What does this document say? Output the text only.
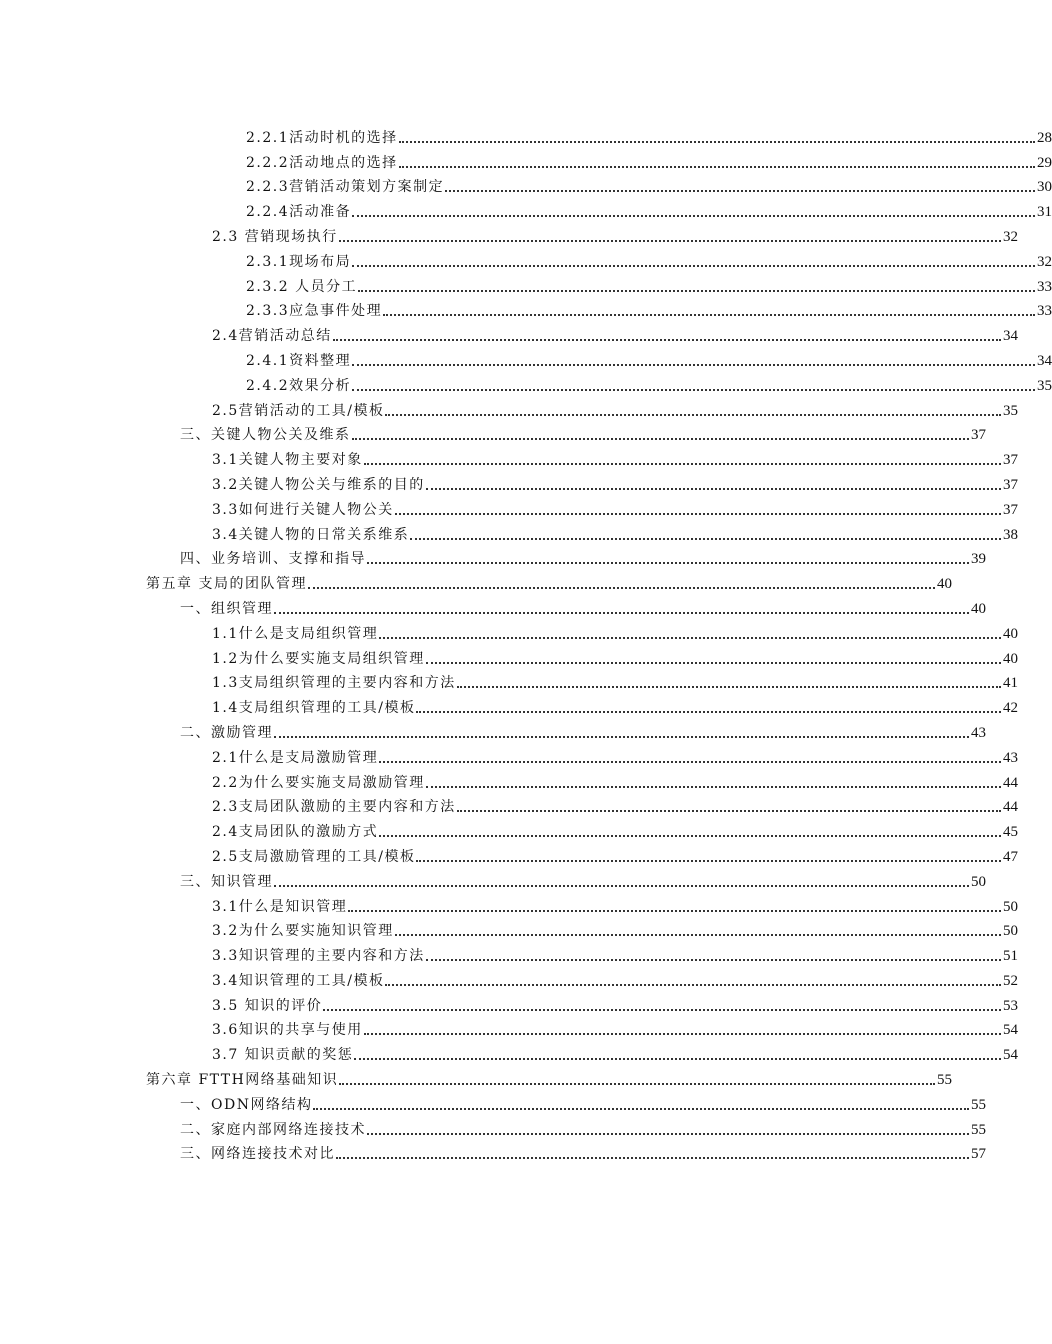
2.2.1活动时机的选择	28
2.2.2活动地点的选择	29
2.2.3营销活动策划方案制定	30
2.2.4活动准备	31
2.3 营销现场执行	32
2.3.1现场布局	32
2.3.2 人员分工	33
2.3.3应急事件处理	33
2.4营销活动总结	34
2.4.1资料整理	34
2.4.2效果分析	35
2.5营销活动的工具/模板	35
三、关键人物公关及维系	37
3.1关键人物主要对象	37
3.2关键人物公关与维系的目的	37
3.3如何进行关键人物公关	37
3.4关键人物的日常关系维系	38
四、业务培训、支撑和指导	39
第五章 支局的团队管理	40
一、组织管理	40
1.1什么是支局组织管理	40
1.2为什么要实施支局组织管理	40
1.3支局组织管理的主要内容和方法	41
1.4支局组织管理的工具/模板	42
二、激励管理	43
2.1什么是支局激励管理	43
2.2为什么要实施支局激励管理	44
2.3支局团队激励的主要内容和方法	44
2.4支局团队的激励方式	45
2.5支局激励管理的工具/模板	47
三、知识管理	50
3.1什么是知识管理	50
3.2为什么要实施知识管理	50
3.3知识管理的主要内容和方法	51
3.4知识管理的工具/模板	52
3.5 知识的评价	53
3.6知识的共享与使用	54
3.7 知识贡献的奖惩	54
第六章 FTTH网络基础知识	55
一、ODN网络结构	55
二、家庭内部网络连接技术	55
三、网络连接技术对比	57
